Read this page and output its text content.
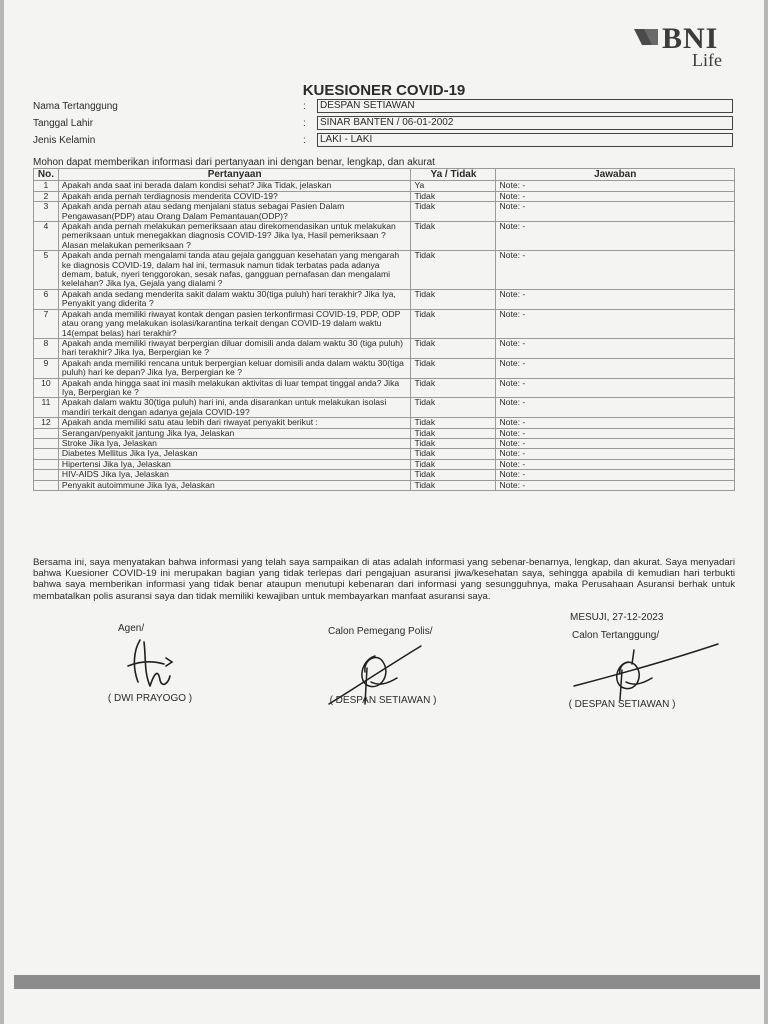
BNI
Life
KUESIONER COVID-19
Nama Tertanggung	:	DESPAN SETIAWAN
Tanggal Lahir	:	SINAR BANTEN / 06-01-2002
Jenis Kelamin	:	LAKI - LAKI
Mohon dapat memberikan informasi dari pertanyaan ini dengan benar, lengkap, dan akurat
No.	Pertanyaan	Ya / Tidak	Jawaban
1	Apakah anda saat ini berada dalam kondisi sehat? Jika Tidak, jelaskan	Ya	Note: -
2	Apakah anda pernah terdiagnosis menderita COVID-19?	Tidak	Note: -
3	Apakah anda pernah atau sedang menjalani status sebagai Pasien Dalam Pengawasan(PDP) atau Orang Dalam Pemantauan(ODP)?	Tidak	Note: -
4	Apakah anda pernah melakukan pemeriksaan atau direkomendasikan untuk melakukan pemeriksaan untuk menegakkan diagnosis COVID-19? Jika Iya, Hasil pemeriksaan ? Alasan melakukan pemeriksaan ?	Tidak	Note: -
5	Apakah anda pernah mengalami tanda atau gejala gangguan kesehatan yang mengarah ke diagnosis COVID-19, dalam hal ini, termasuk namun tidak terbatas pada adanya demam, batuk, nyeri tenggorokan, sesak nafas, gangguan pernafasan dan mengalami kelelahan? Jika Iya, Gejala yang dialami ?	Tidak	Note: -
6	Apakah anda sedang menderita sakit dalam waktu 30(tiga puluh) hari terakhir? Jika Iya, Penyakit yang diderita ?	Tidak	Note: -
7	Apakah anda memiliki riwayat kontak dengan pasien terkonfirmasi COVID-19, PDP, ODP atau orang yang melakukan isolasi/karantina terkait dengan COVID-19 dalam waktu 14(empat belas) hari terakhir?	Tidak	Note: -
8	Apakah anda memiliki riwayat berpergian diluar domisili anda dalam waktu 30 (tiga puluh) hari terakhir? Jika Iya, Berpergian ke ?	Tidak	Note: -
9	Apakah anda memiliki rencana untuk berpergian keluar domisili anda dalam waktu 30(tiga puluh) hari ke depan? Jika Iya, Berpergian ke ?	Tidak	Note: -
10	Apakah anda hingga saat ini masih melakukan aktivitas di luar tempat tinggal anda? Jika Iya, Berpergian ke ?	Tidak	Note: -
11	Apakah dalam waktu 30(tiga puluh) hari ini, anda disarankan untuk melakukan isolasi mandiri terkait dengan adanya gejala COVID-19?	Tidak	Note: -
12	Apakah anda memiliki satu atau lebih dari riwayat penyakit berikut :	Tidak	Note: -
	Serangan/penyakit jantung Jika Iya, Jelaskan	Tidak	Note: -
	Stroke Jika Iya, Jelaskan	Tidak	Note: -
	Diabetes Mellitus Jika Iya, Jelaskan	Tidak	Note: -
	Hipertensi Jika Iya, Jelaskan	Tidak	Note: -
	HIV-AIDS Jika Iya, Jelaskan	Tidak	Note: -
	Penyakit autoimmune Jika Iya, Jelaskan	Tidak	Note: -
Bersama ini, saya menyatakan bahwa informasi yang telah saya sampaikan di atas adalah informasi yang sebenar-benarnya, lengkap, dan akurat. Saya menyadari bahwa Kuesioner COVID-19 ini merupakan bagian yang tidak terlepas dari pengajuan asuransi jiwa/kesehatan saya, sehingga apabila di kemudian hari terbukti bahwa saya memberikan informasi yang tidak benar ataupun menutupi kebenaran dari informasi yang sesungguhnya, maka Perusahaan Asuransi berhak untuk membatalkan polis asuransi saya dan tidak memiliki kewajiban untuk membayarkan manfaat asuransi saya.
MESUJI, 27-12-2023
Agen/
( DWI PRAYOGO )
Calon Pemegang Polis/
( DESPAN SETIAWAN )
Calon Tertanggung/
( DESPAN SETIAWAN )
